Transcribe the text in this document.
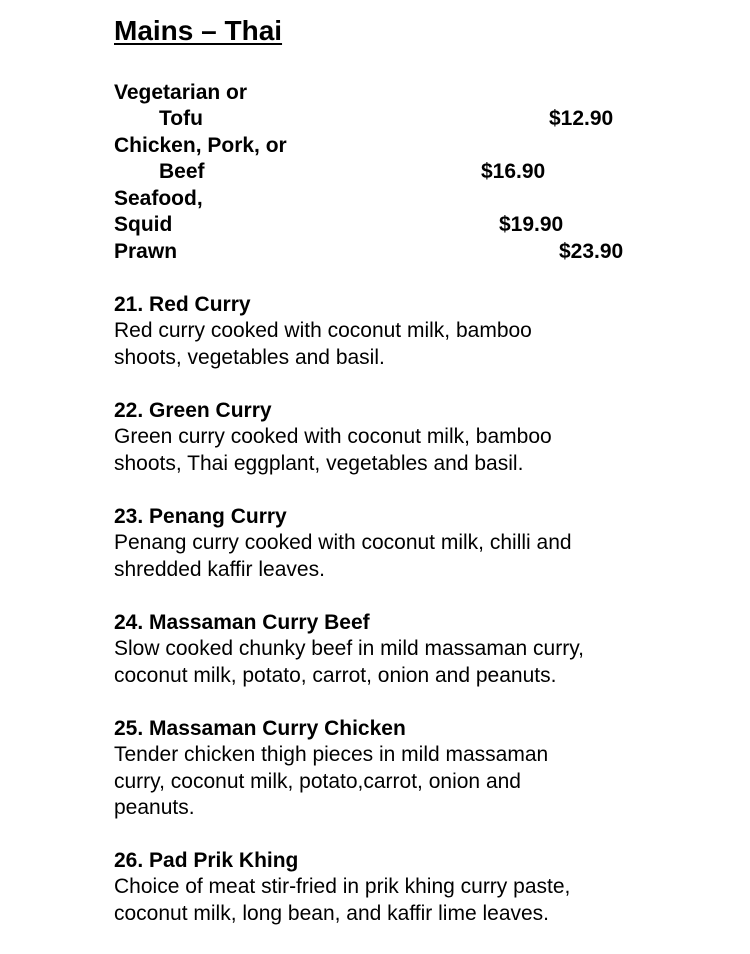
Mains – Thai
Vegetarian or
Tofu	$12.90
Chicken, Pork, or
Beef	$16.90
Seafood,
Squid	$19.90
Prawn	$23.90
21. Red Curry
Red curry cooked with coconut milk, bamboo
shoots, vegetables and basil.
22. Green Curry
Green curry cooked with coconut milk, bamboo
shoots, Thai eggplant, vegetables and basil.
23. Penang Curry
Penang curry cooked with coconut milk, chilli and
shredded kaffir leaves.
24. Massaman Curry Beef
Slow cooked chunky beef in mild massaman curry,
coconut milk, potato, carrot, onion and peanuts.
25. Massaman Curry Chicken
Tender chicken thigh pieces in mild massaman
curry, coconut milk, potato,carrot, onion and
peanuts.
26. Pad Prik Khing
Choice of meat stir-fried in prik khing curry paste,
coconut milk, long bean, and kaffir lime leaves.
